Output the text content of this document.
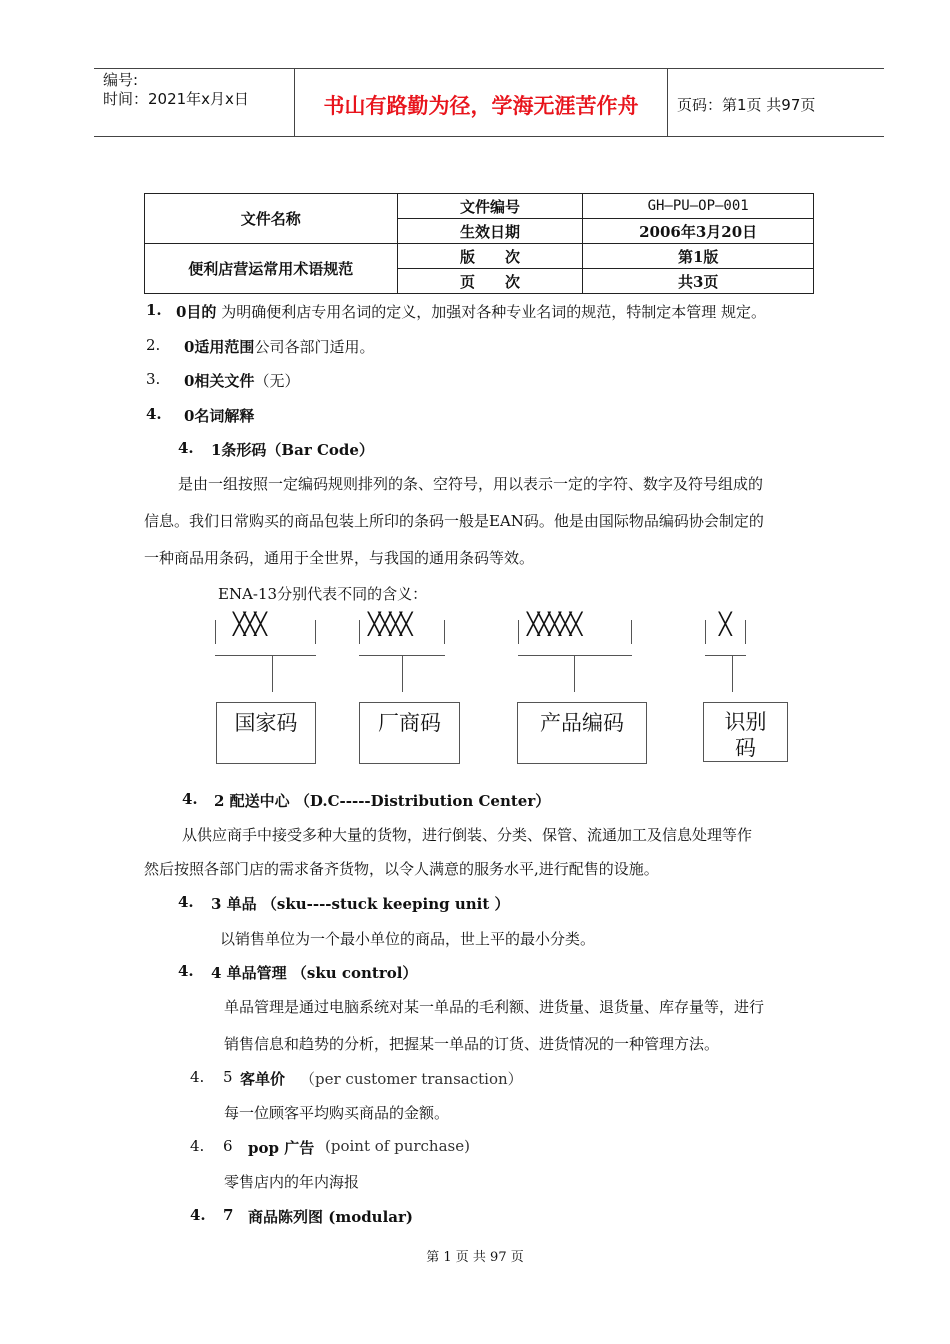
编号:
时间：2021年x月x日	书山有路勤为径，学海无涯苦作舟	页码：第1页 共97页
文件名称	文件编号	GH—PU—OP—001
	生效日期	2006年3月20日
便利店营运常用术语规范	版　　次	第1版
	页　　次	共3页
1. 0目的 为明确便利店专用名词的定义，加强对各种专业名词的规范，特制定本管理 规定。
2. 0适用范围公司各部门适用。
3. 0相关文件（无）
4. 0名词解释
4. 1条形码（Bar Code）
是由一组按照一定编码规则排列的条、空符号，用以表示一定的字符、数字及符号组成的
信息。我们日常购买的商品包装上所印的条码一般是EAN码。他是由国际物品编码协会制定的
一种商品用条码，通用于全世界，与我国的通用条码等效。
ENA-13分别代表不同的含义：
╳╳╳
国家码
╳╳╳╳
厂商码
╳╳╳╳╳
产品编码
╳
识别码
4. 2 配送中心 （D.C-----Distribution Center）
从供应商手中接受多种大量的货物，进行倒装、分类、保管、流通加工及信息处理等作
然后按照各部门店的需求备齐货物，以令人满意的服务水平,进行配售的设施。
4. 3 单品 （sku----stuck keeping unit ）
以销售单位为一个最小单位的商品，世上平的最小分类。
4. 4 单品管理 （sku control）
单品管理是通过电脑系统对某一单品的毛利额、进货量、退货量、库存量等，进行
销售信息和趋势的分析，把握某一单品的订货、进货情况的一种管理方法。
4. 5 客单价 （per customer transaction）
每一位顾客平均购买商品的金额。
4. 6 pop 广告 (point of purchase)
零售店内的年内海报
4. 7 商品陈列图 (modular)
第 1 页 共 97 页
